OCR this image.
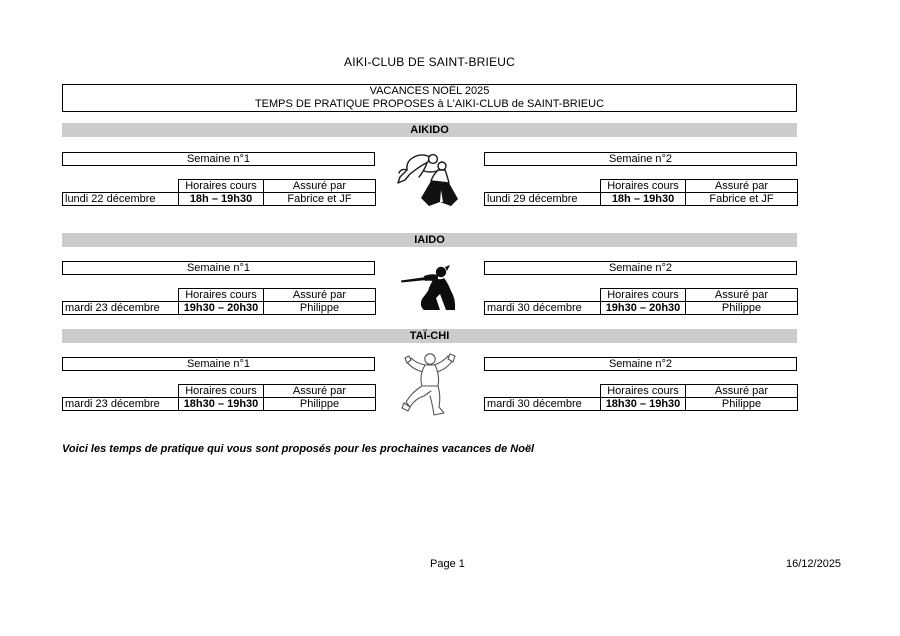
AIKI-CLUB DE SAINT-BRIEUC
VACANCES NOËL 2025
TEMPS DE PRATIQUE PROPOSES à L'AIKI-CLUB de SAINT-BRIEUC
AIKIDO
Semaine n°1
	Horaires cours	Assuré par
lundi 22 décembre	18h – 19h30	Fabrice et JF
Semaine n°2
	Horaires cours	Assuré par
lundi 29 décembre	18h – 19h30	Fabrice et JF
IAIDO
Semaine n°1
	Horaires cours	Assuré par
mardi 23 décembre	19h30 – 20h30	Philippe
Semaine n°2
	Horaires cours	Assuré par
mardi 30 décembre	19h30 – 20h30	Philippe
TAÏ-CHI
Semaine n°1
	Horaires cours	Assuré par
mardi 23 décembre	18h30 – 19h30	Philippe
Semaine n°2
	Horaires cours	Assuré par
mardi 30 décembre	18h30 – 19h30	Philippe
Voici les temps de pratique qui vous sont proposés pour les prochaines vacances de Noël
Page 1	16/12/2025
